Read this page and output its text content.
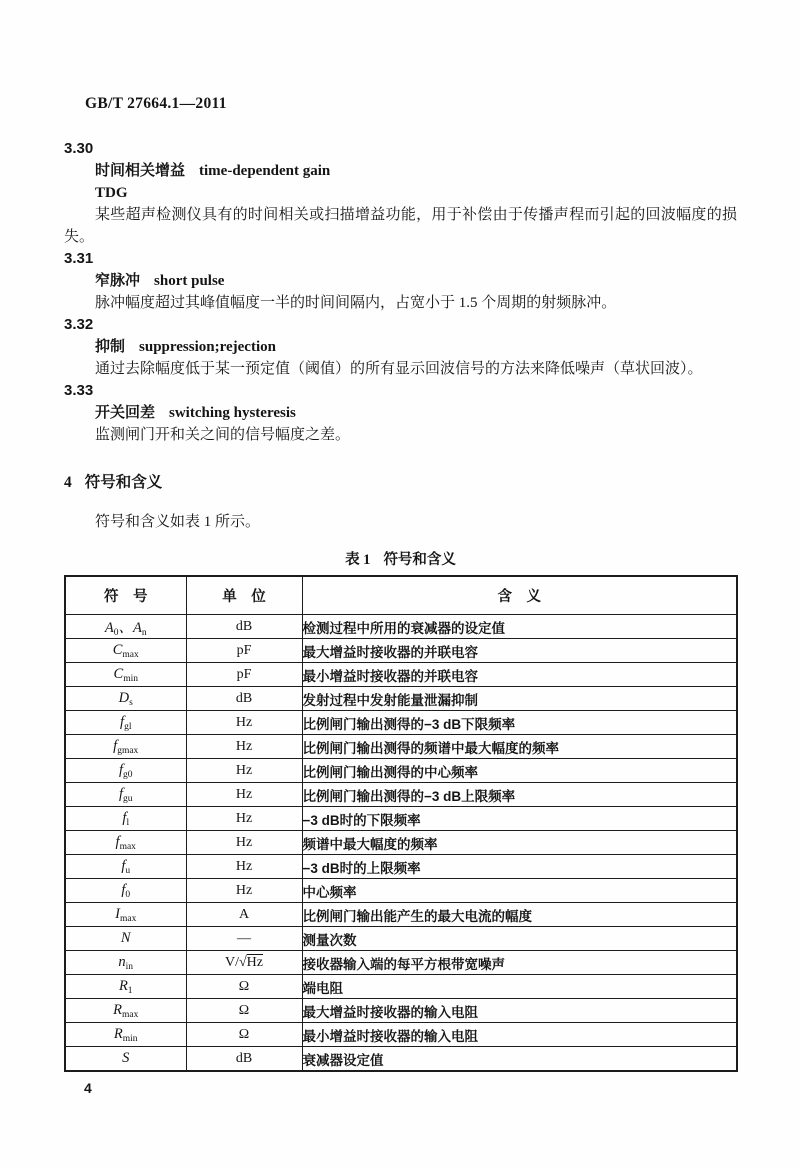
GB/T 27664.1—2011
3.30
时间相关增益 time-dependent gain
TDG
某些超声检测仪具有的时间相关或扫描增益功能，用于补偿由于传播声程而引起的回波幅度的损失。
3.31
窄脉冲 short pulse
脉冲幅度超过其峰值幅度一半的时间间隔内，占宽小于 1.5 个周期的射频脉冲。
3.32
抑制 suppression;rejection
通过去除幅度低于某一预定值（阈值）的所有显示回波信号的方法来降低噪声（草状回波）。
3.33
开关回差 switching hysteresis
监测闸门开和关之间的信号幅度之差。
4 符号和含义
符号和含义如表 1 所示。
表 1 符号和含义
符　号	单　位	含　义
$A_0$、$A_n$	dB	检测过程中所用的衰减器的设定值
$C_{max}$	pF	最大增益时接收器的并联电容
$C_{min}$	pF	最小增益时接收器的并联电容
$D_s$	dB	发射过程中发射能量泄漏抑制
$f_{gl}$	Hz	比例闸门输出测得的−3 dB下限频率
$f_{gmax}$	Hz	比例闸门输出测得的频谱中最大幅度的频率
$f_{g0}$	Hz	比例闸门输出测得的中心频率
$f_{gu}$	Hz	比例闸门输出测得的−3 dB上限频率
$f_l$	Hz	−3 dB时的下限频率
$f_{max}$	Hz	频谱中最大幅度的频率
$f_u$	Hz	−3 dB时的上限频率
$f_0$	Hz	中心频率
$I_{max}$	A	比例闸门输出能产生的最大电流的幅度
N	—	测量次数
$n_{in}$	V/√Hz	接收器输入端的每平方根带宽噪声
$R_1$	Ω	端电阻
$R_{max}$	Ω	最大增益时接收器的输入电阻
$R_{min}$	Ω	最小增益时接收器的输入电阻
S	dB	衰减器设定值
4
